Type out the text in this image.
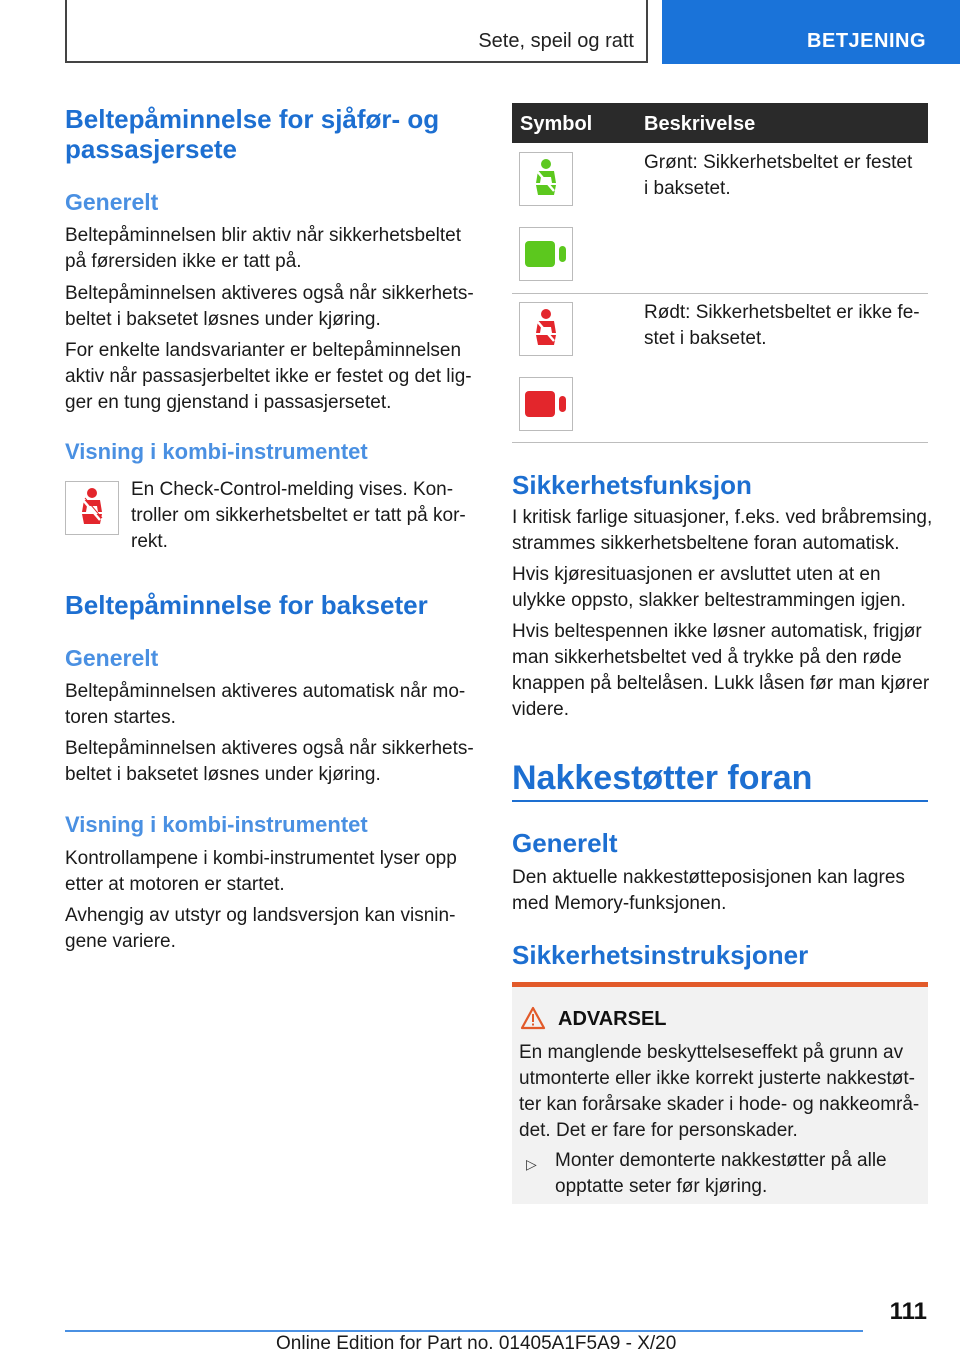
Sete, speil og ratt	BETJENING
Beltepåminnelse for sjåfør- og
passasjersete
Generelt
Beltepåminnelsen blir aktiv når sikkerhetsbeltet
på førersiden ikke er tatt på.
Beltepåminnelsen aktiveres også når sikkerhets-
beltet i baksetet løsnes under kjøring.
For enkelte landsvarianter er beltepåminnelsen
aktiv når passasjerbeltet ikke er festet og det lig-
ger en tung gjenstand i passasjersetet.
Visning i kombi-instrumentet
En Check-Control-melding vises. Kon-
troller om sikkerhetsbeltet er tatt på kor-
rekt.
Beltepåminnelse for bakseter
Generelt
Beltepåminnelsen aktiveres automatisk når mo-
toren startes.
Beltepåminnelsen aktiveres også når sikkerhets-
beltet i baksetet løsnes under kjøring.
Visning i kombi-instrumentet
Kontrollampene i kombi-instrumentet lyser opp
etter at motoren er startet.
Avhengig av utstyr og landsversjon kan visnin-
gene variere.
Symbol	Beskrivelse
Grønt: Sikkerhetsbeltet er festet
i baksetet.
Rødt: Sikkerhetsbeltet er ikke fe-
stet i baksetet.
Sikkerhetsfunksjon
I kritisk farlige situasjoner, f.eks. ved bråbremsing,
strammes sikkerhetsbeltene foran automatisk.
Hvis kjøresituasjonen er avsluttet uten at en
ulykke oppsto, slakker beltestrammingen igjen.
Hvis beltespennen ikke løsner automatisk, frigjør
man sikkerhetsbeltet ved å trykke på den røde
knappen på beltelåsen. Lukk låsen før man kjører
videre.
Nakkestøtter foran
Generelt
Den aktuelle nakkestøtteposisjonen kan lagres
med Memory-funksjonen.
Sikkerhetsinstruksjoner
ADVARSEL
En manglende beskyttelseseffekt på grunn av
utmonterte eller ikke korrekt justerte nakkestøt-
ter kan forårsake skader i hode- og nakkeområ-
det. Det er fare for personskader.
▷ Monter demonterte nakkestøtter på alle
opptatte seter før kjøring.
111
Online Edition for Part no. 01405A1F5A9 - X/20
